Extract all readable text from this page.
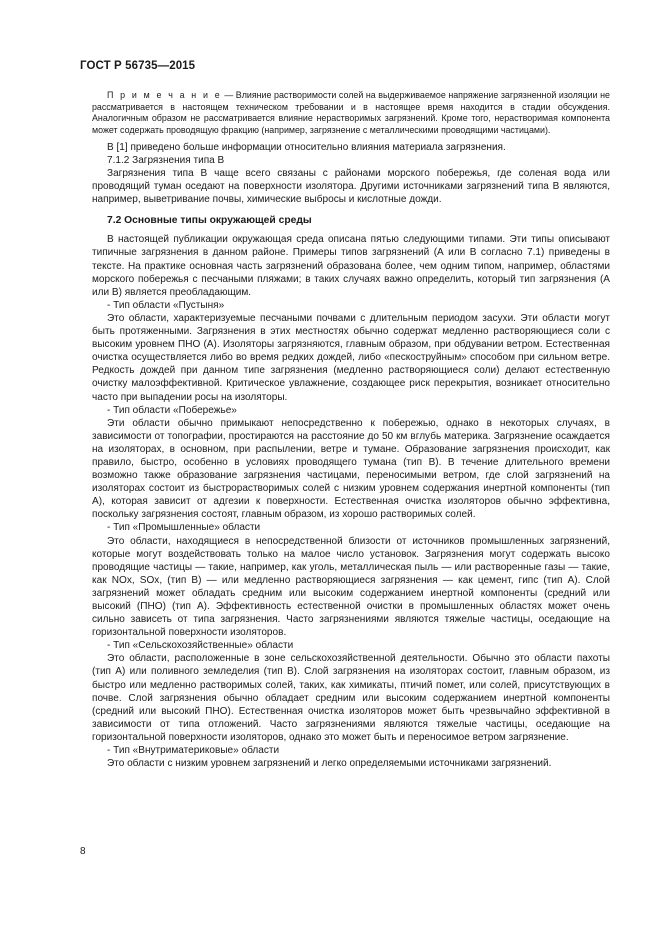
ГОСТ Р 56735—2015

П р и м е ч а н и е — Влияние растворимости солей на выдерживаемое напряжение загрязненной изоляции не рассматривается в настоящем техническом требовании и в настоящее время находится в стадии обсуждения. Аналогичным образом не рассматривается влияние нерастворимых загрязнений. Кроме того, нерастворимая компонента может содержать проводящую фракцию (например, загрязнение с металлическими проводящими частицами).

В [1] приведено больше информации относительно влияния материала загрязнения.

7.1.2 Загрязнения типа В

Загрязнения типа В чаще всего связаны с районами морского побережья, где соленая вода или проводящий туман оседают на поверхности изолятора. Другими источниками загрязнений типа В являются, например, выветривание почвы, химические выбросы и кислотные дожди.

7.2 Основные типы окружающей среды

В настоящей публикации окружающая среда описана пятью следующими типами. Эти типы описывают типичные загрязнения в данном районе. Примеры типов загрязнений (А или В согласно 7.1) приведены в тексте. На практике основная часть загрязнений образована более, чем одним типом, например, областями морского побережья с песчаными пляжами; в таких случаях важно определить, который тип загрязнения (А или В) является преобладающим.

- Тип области «Пустыня»

Это области, характеризуемые песчаными почвами с длительным периодом засухи. Эти области могут быть протяженными. Загрязнения в этих местностях обычно содержат медленно растворяющиеся соли с высоким уровнем ПНО (А). Изоляторы загрязняются, главным образом, при обдувании ветром. Естественная очистка осуществляется либо во время редких дождей, либо «пескоструйным» способом при сильном ветре. Редкость дождей при данном типе загрязнения (медленно растворяющиеся соли) делают естественную очистку малоэффективной. Критическое увлажнение, создающее риск перекрытия, возникает относительно часто при выпадении росы на изоляторы.

- Тип области «Побережье»

Эти области обычно примыкают непосредственно к побережью, однако в некоторых случаях, в зависимости от топографии, простираются на расстояние до 50 км вглубь материка. Загрязнение осаждается на изоляторах, в основном, при распылении, ветре и тумане. Образование загрязнения происходит, как правило, быстро, особенно в условиях проводящего тумана (тип В). В течение длительного времени возможно также образование загрязнения частицами, переносимыми ветром, где слой загрязнений на изоляторах состоит из быстрорастворимых солей с низким уровнем содержания инертной компоненты (тип А), которая зависит от адгезии к поверхности. Естественная очистка изоляторов обычно эффективна, поскольку загрязнения состоят, главным образом, из хорошо растворимых солей.

- Тип «Промышленные» области

Это области, находящиеся в непосредственной близости от источников промышленных загрязнений, которые могут воздействовать только на малое число установок. Загрязнения могут содержать высоко проводящие частицы — такие, например, как уголь, металлическая пыль — или растворенные газы — такие, как NOx, SOx, (тип В) — или медленно растворяющиеся загрязнения — как цемент, гипс (тип А). Слой загрязнений может обладать средним или высоким содержанием инертной компоненты (средний или высокий (ПНО) (тип А). Эффективность естественной очистки в промышленных областях может очень сильно зависеть от типа загрязнения. Часто загрязнениями являются тяжелые частицы, оседающие на горизонтальной поверхности изоляторов.

- Тип «Сельскохозяйственные» области

Это области, расположенные в зоне сельскохозяйственной деятельности. Обычно это области пахоты (тип А) или поливного земледелия (тип В). Слой загрязнения на изоляторах состоит, главным образом, из быстро или медленно растворимых солей, таких, как химикаты, птичий помет, или солей, присутствующих в почве. Слой загрязнения обычно обладает средним или высоким содержанием инертной компоненты (средний или высокий ПНО). Естественная очистка изоляторов может быть чрезвычайно эффективной в зависимости от типа отложений. Часто загрязнениями являются тяжелые частицы, оседающие на горизонтальной поверхности изоляторов, однако это может быть и переносимое ветром загрязнение.

- Тип «Внутриматериковые» области

Это области с низким уровнем загрязнений и легко определяемыми источниками загрязнений.

8
